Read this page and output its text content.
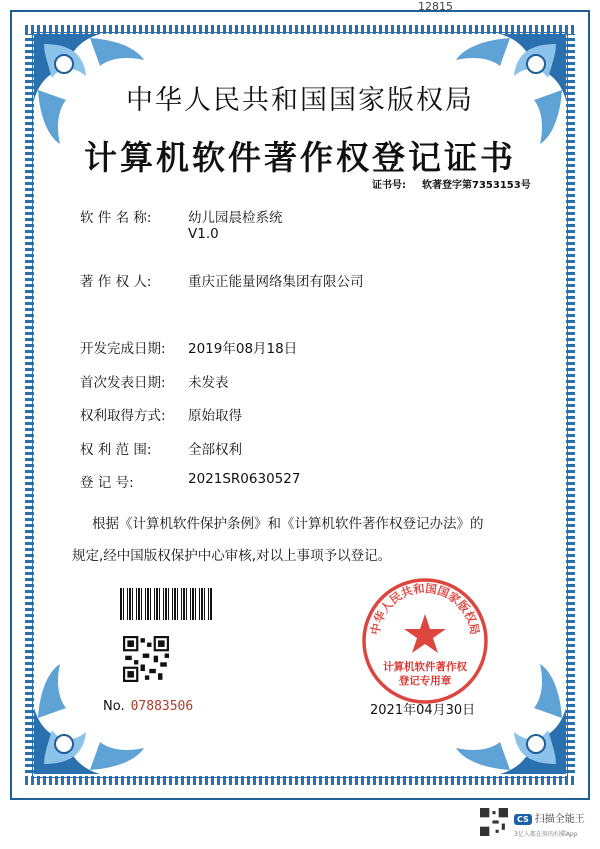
12815
中华人民共和国国家版权局
计算机软件著作权登记证书
证书号: 软著登字第7353153号
软 件 名 称:	幼儿园晨检系统
V1.0
著 作 权 人:	重庆正能量网络集团有限公司
开发完成日期: 2019年08月18日
首次发表日期: 未发表
权利取得方式: 原始取得
权 利 范 围:	全部权利
登 记 号:	2021SR0630527
根据《计算机软件保护条例》和《计算机软件著作权登记办法》的
规定,经中国版权保护中心审核,对以上事项予以登记。
No. 07883506	2021年04月30日
中华人民共和国国家版权局
计算机软件著作权
登记专用章
CS 扫描全能王
3亿人都在用的扫描App
